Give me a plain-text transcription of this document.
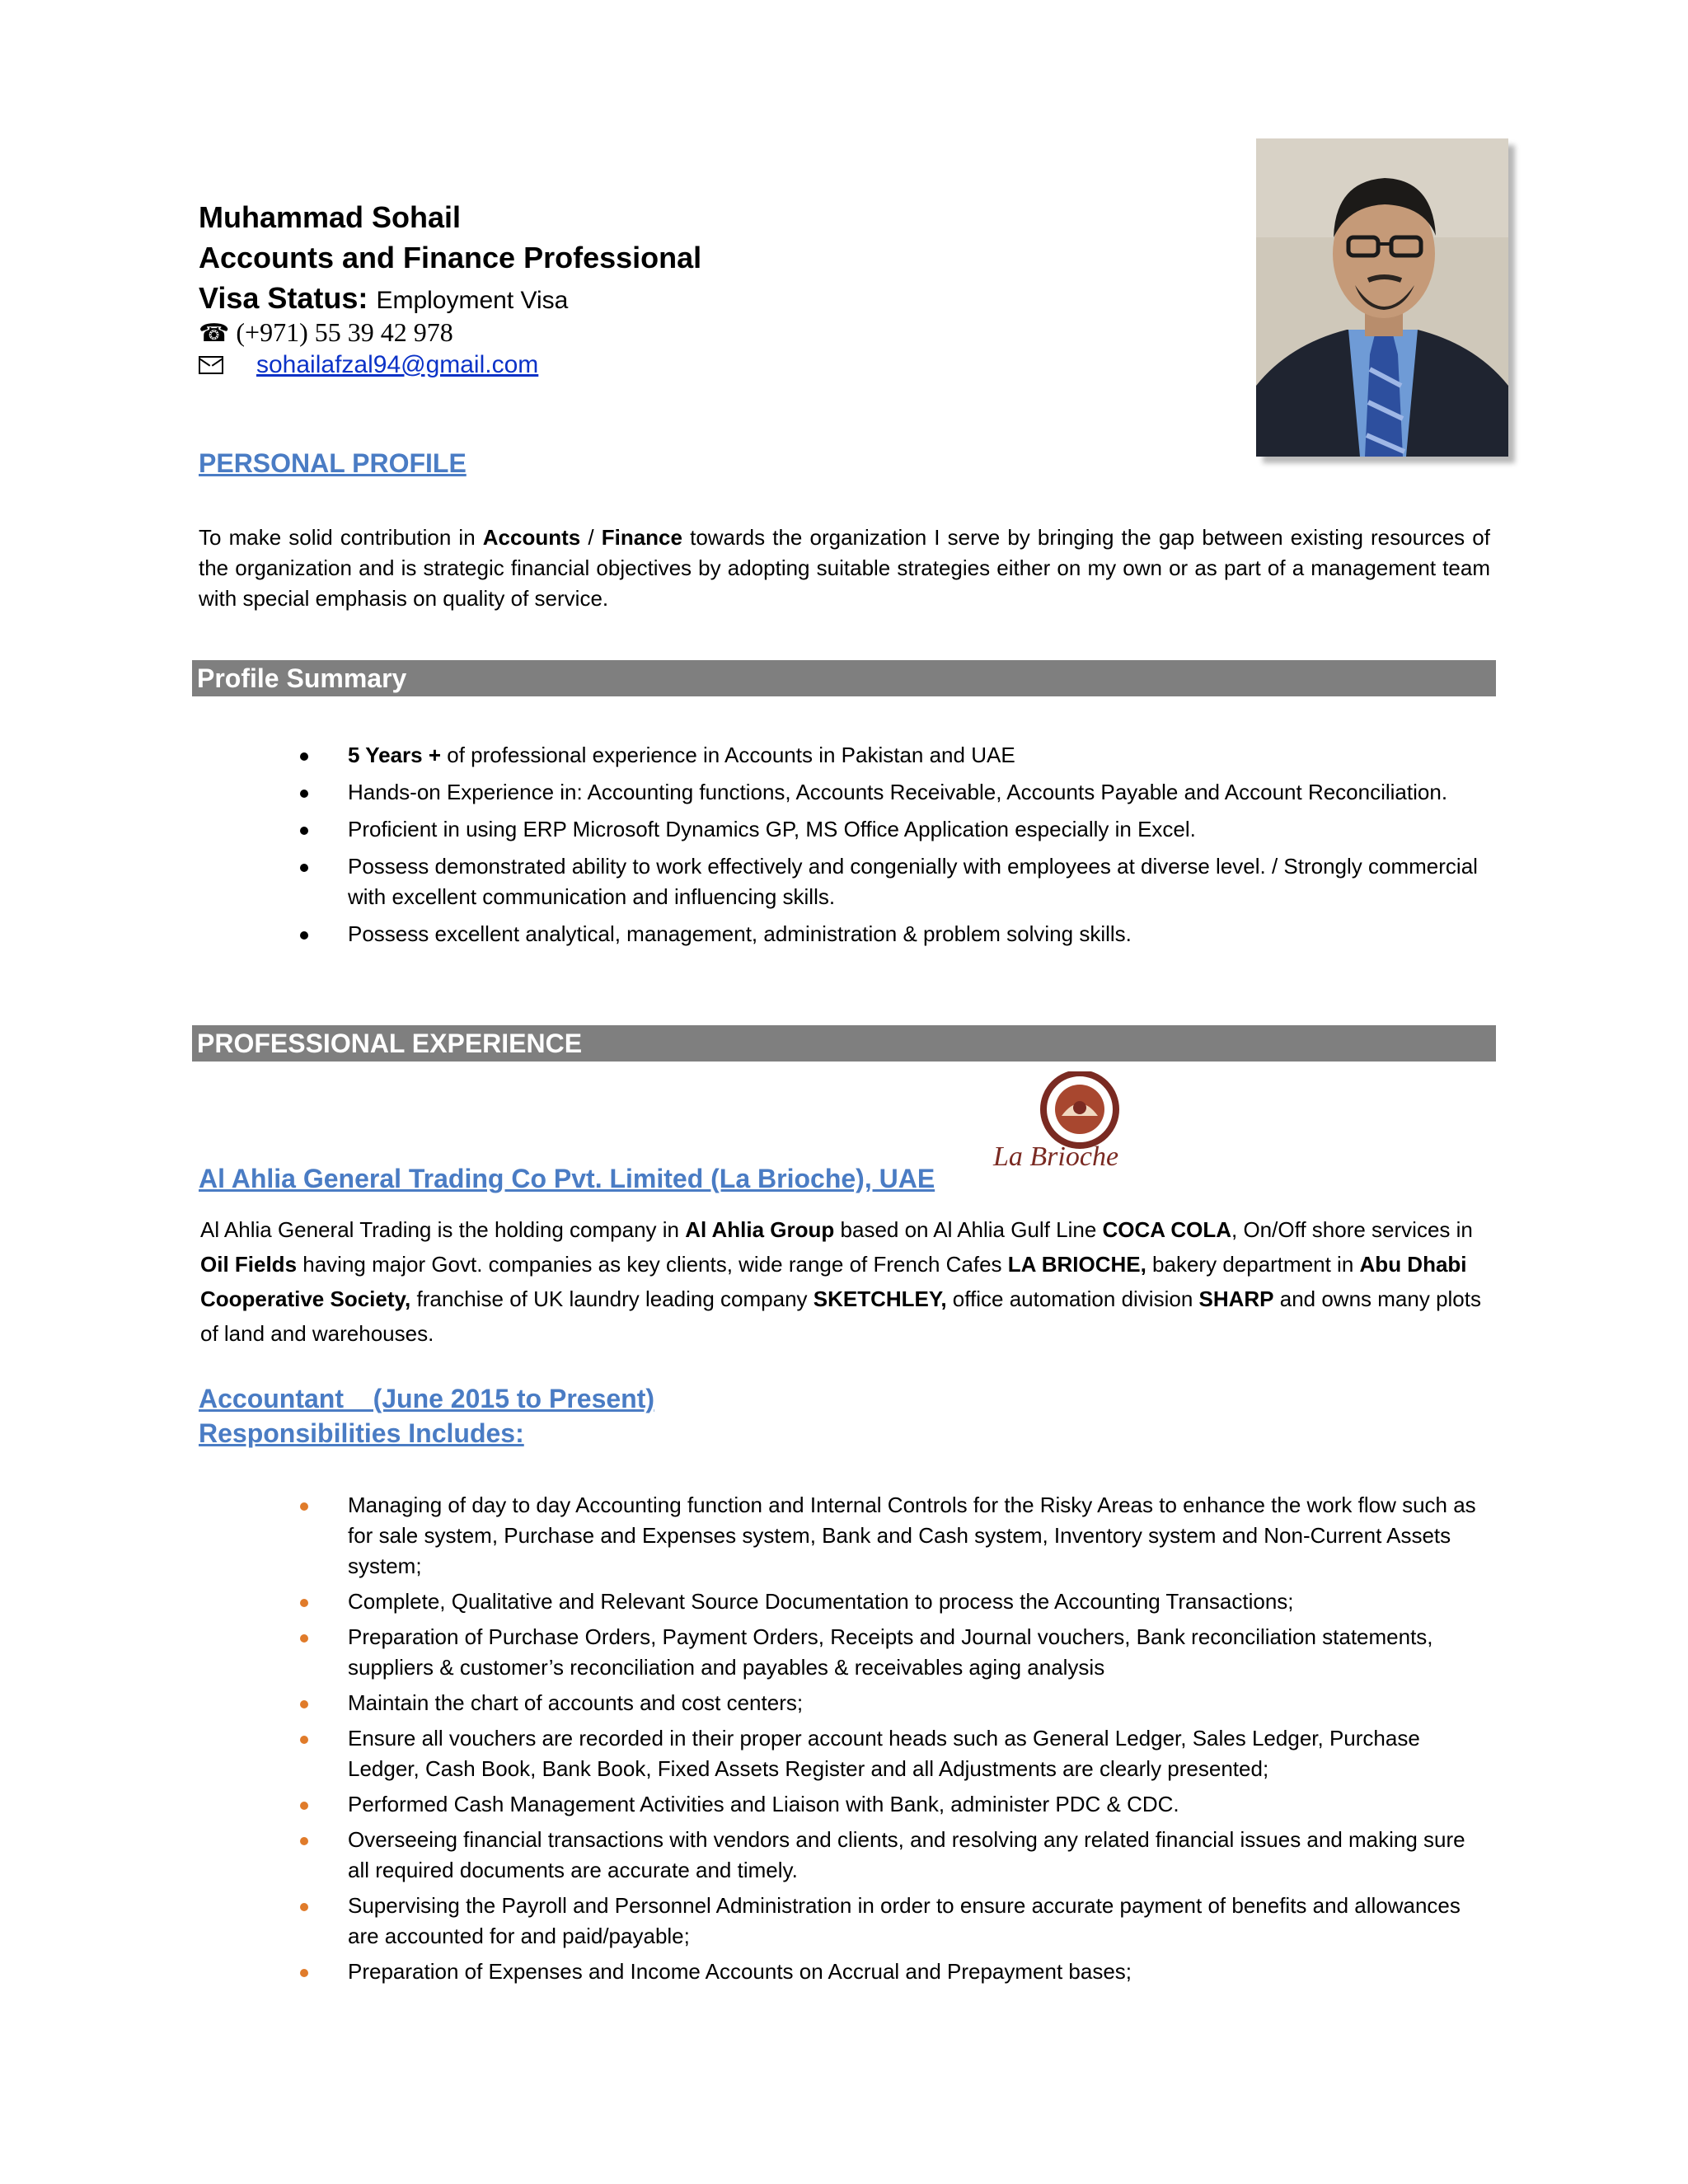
Muhammad Sohail
Accounts and Finance Professional
Visa Status: Employment Visa
☎ (+971) 55 39 42 978
sohailafzal94@gmail.com
PERSONAL PROFILE
To make solid contribution in Accounts / Finance towards the organization I serve by bringing the gap between existing resources of the organization and is strategic financial objectives by adopting suitable strategies either on my own or as part of a management team with special emphasis on quality of service.
Profile Summary
5 Years + of professional experience in Accounts in Pakistan and UAE
Hands-on Experience in: Accounting functions, Accounts Receivable, Accounts Payable and Account Reconciliation.
Proficient in using ERP Microsoft Dynamics GP, MS Office Application especially in Excel.
Possess demonstrated ability to work effectively and congenially with employees at diverse level. / Strongly commercial with excellent communication and influencing skills.
Possess excellent analytical, management, administration & problem solving skills.
PROFESSIONAL EXPERIENCE
La Brioche
Al Ahlia General Trading Co Pvt. Limited (La Brioche), UAE
Al Ahlia General Trading is the holding company in Al Ahlia Group based on Al Ahlia Gulf Line COCA COLA, On/Off shore services in Oil Fields having major Govt. companies as key clients, wide range of French Cafes LA BRIOCHE, bakery department in Abu Dhabi Cooperative Society, franchise of UK laundry leading company SKETCHLEY, office automation division SHARP and owns many plots of land and warehouses.
Accountant    (June 2015 to Present)
Responsibilities Includes:
Managing of day to day Accounting function and Internal Controls for the Risky Areas to enhance the work flow such as for sale system, Purchase and Expenses system, Bank and Cash system, Inventory system and Non-Current Assets system;
Complete, Qualitative and Relevant Source Documentation to process the Accounting Transactions;
Preparation of Purchase Orders, Payment Orders, Receipts and Journal vouchers, Bank reconciliation statements, suppliers & customer’s reconciliation and payables & receivables aging analysis
Maintain the chart of accounts and cost centers;
Ensure all vouchers are recorded in their proper account heads such as General Ledger, Sales Ledger, Purchase Ledger, Cash Book, Bank Book, Fixed Assets Register and all Adjustments are clearly presented;
Performed Cash Management Activities and Liaison with Bank, administer PDC & CDC.
Overseeing financial transactions with vendors and clients, and resolving any related financial issues and making sure all required documents are accurate and timely.
Supervising the Payroll and Personnel Administration in order to ensure accurate payment of benefits and allowances are accounted for and paid/payable;
Preparation of Expenses and Income Accounts on Accrual and Prepayment bases;
